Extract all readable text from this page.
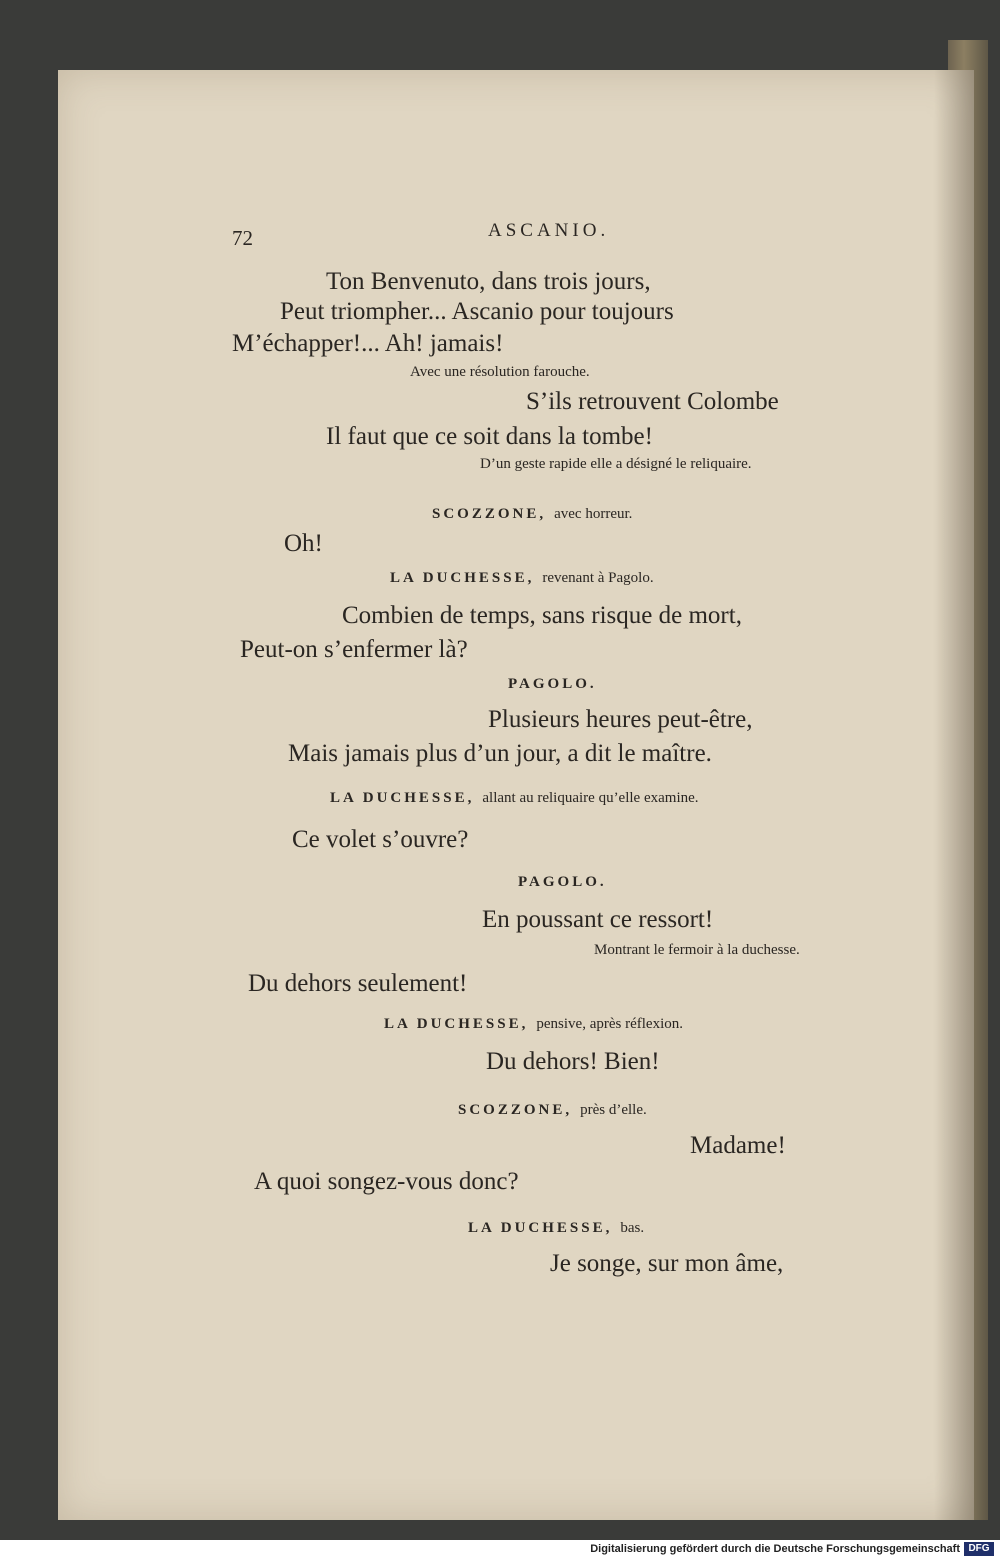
72	ASCANIO.

Ton Benvenuto, dans trois jours,

Peut triompher... Ascanio pour toujours

M’échapper!... Ah! jamais!

Avec une résolution farouche.

S’ils retrouvent Colombe

Il faut que ce soit dans la tombe!

D’un geste rapide elle a désigné le reliquaire.

SCOZZONE, avec horreur.

Oh!

LA DUCHESSE, revenant à Pagolo.

Combien de temps, sans risque de mort,

Peut-on s’enfermer là?

PAGOLO.

Plusieurs heures peut-être,

Mais jamais plus d’un jour, a dit le maître.

LA DUCHESSE, allant au reliquaire qu’elle examine.

Ce volet s’ouvre?

PAGOLO.

En poussant ce ressort!

Montrant le fermoir à la duchesse.

Du dehors seulement!

LA DUCHESSE, pensive, après réflexion.

Du dehors! Bien!

SCOZZONE, près d’elle.

Madame!

A quoi songez-vous donc?

LA DUCHESSE, bas.

Je songe, sur mon âme,

Digitalisierung gefördert durch die Deutsche Forschungsgemeinschaft DFG
